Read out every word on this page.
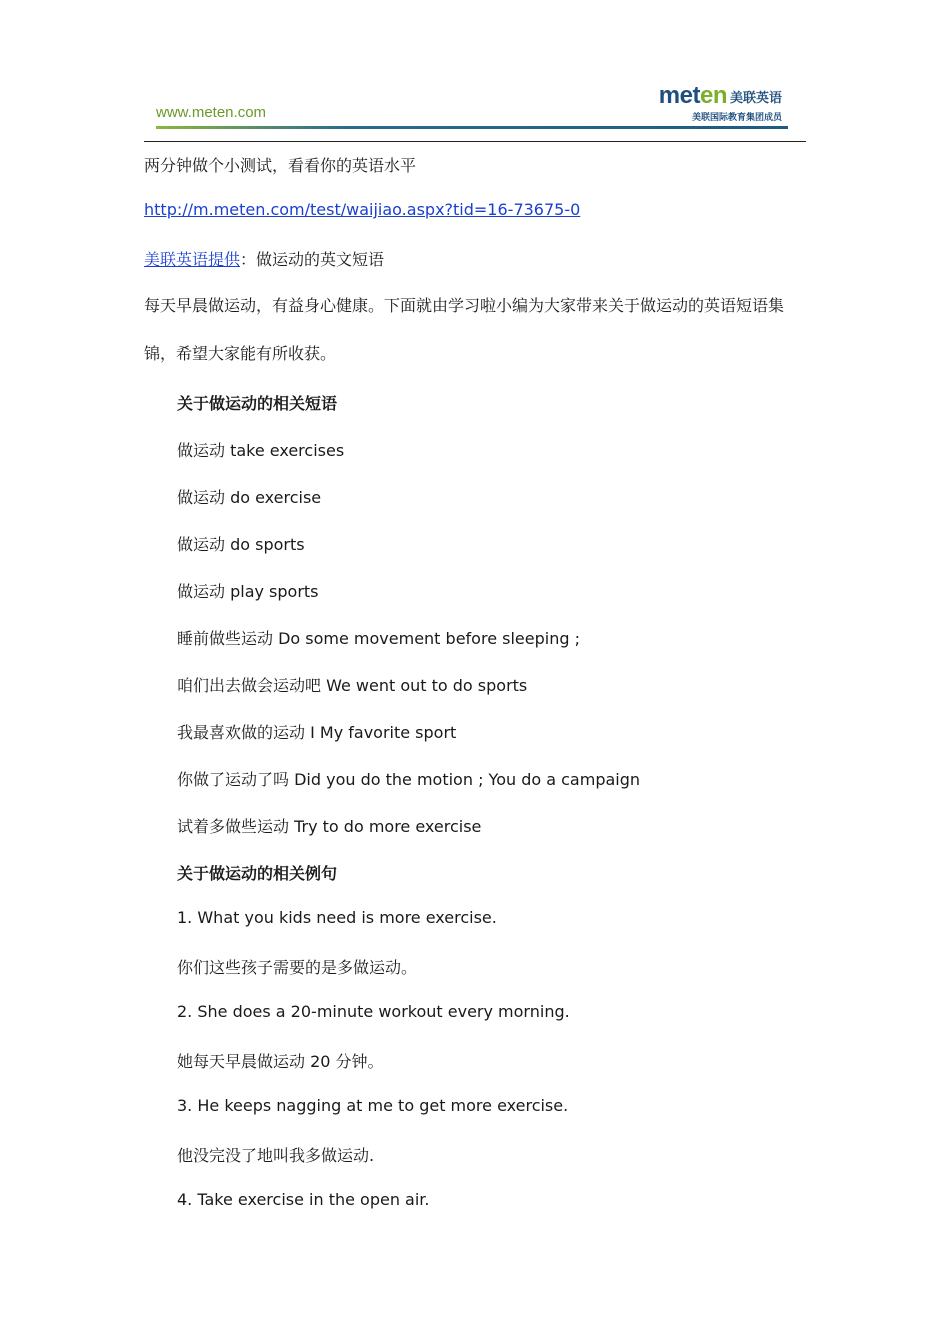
www.meten.com
meten 美联英语
美联国际教育集团成员
两分钟做个小测试，看看你的英语水平
http://m.meten.com/test/waijiao.aspx?tid=16-73675-0
美联英语提供：做运动的英文短语
每天早晨做运动，有益身心健康。下面就由学习啦小编为大家带来关于做运动的英语短语集锦，希望大家能有所收获。
关于做运动的相关短语
做运动 take exercises
做运动 do exercise
做运动 do sports
做运动 play sports
睡前做些运动 Do some movement before sleeping ;
咱们出去做会运动吧 We went out to do sports
我最喜欢做的运动 I My favorite sport
你做了运动了吗 Did you do the motion ; You do a campaign
试着多做些运动 Try to do more exercise
关于做运动的相关例句
1. What you kids need is more exercise.
你们这些孩子需要的是多做运动。
2. She does a 20-minute workout every morning.
她每天早晨做运动 20 分钟。
3. He keeps nagging at me to get more exercise.
他没完没了地叫我多做运动.
4. Take exercise in the open air.
